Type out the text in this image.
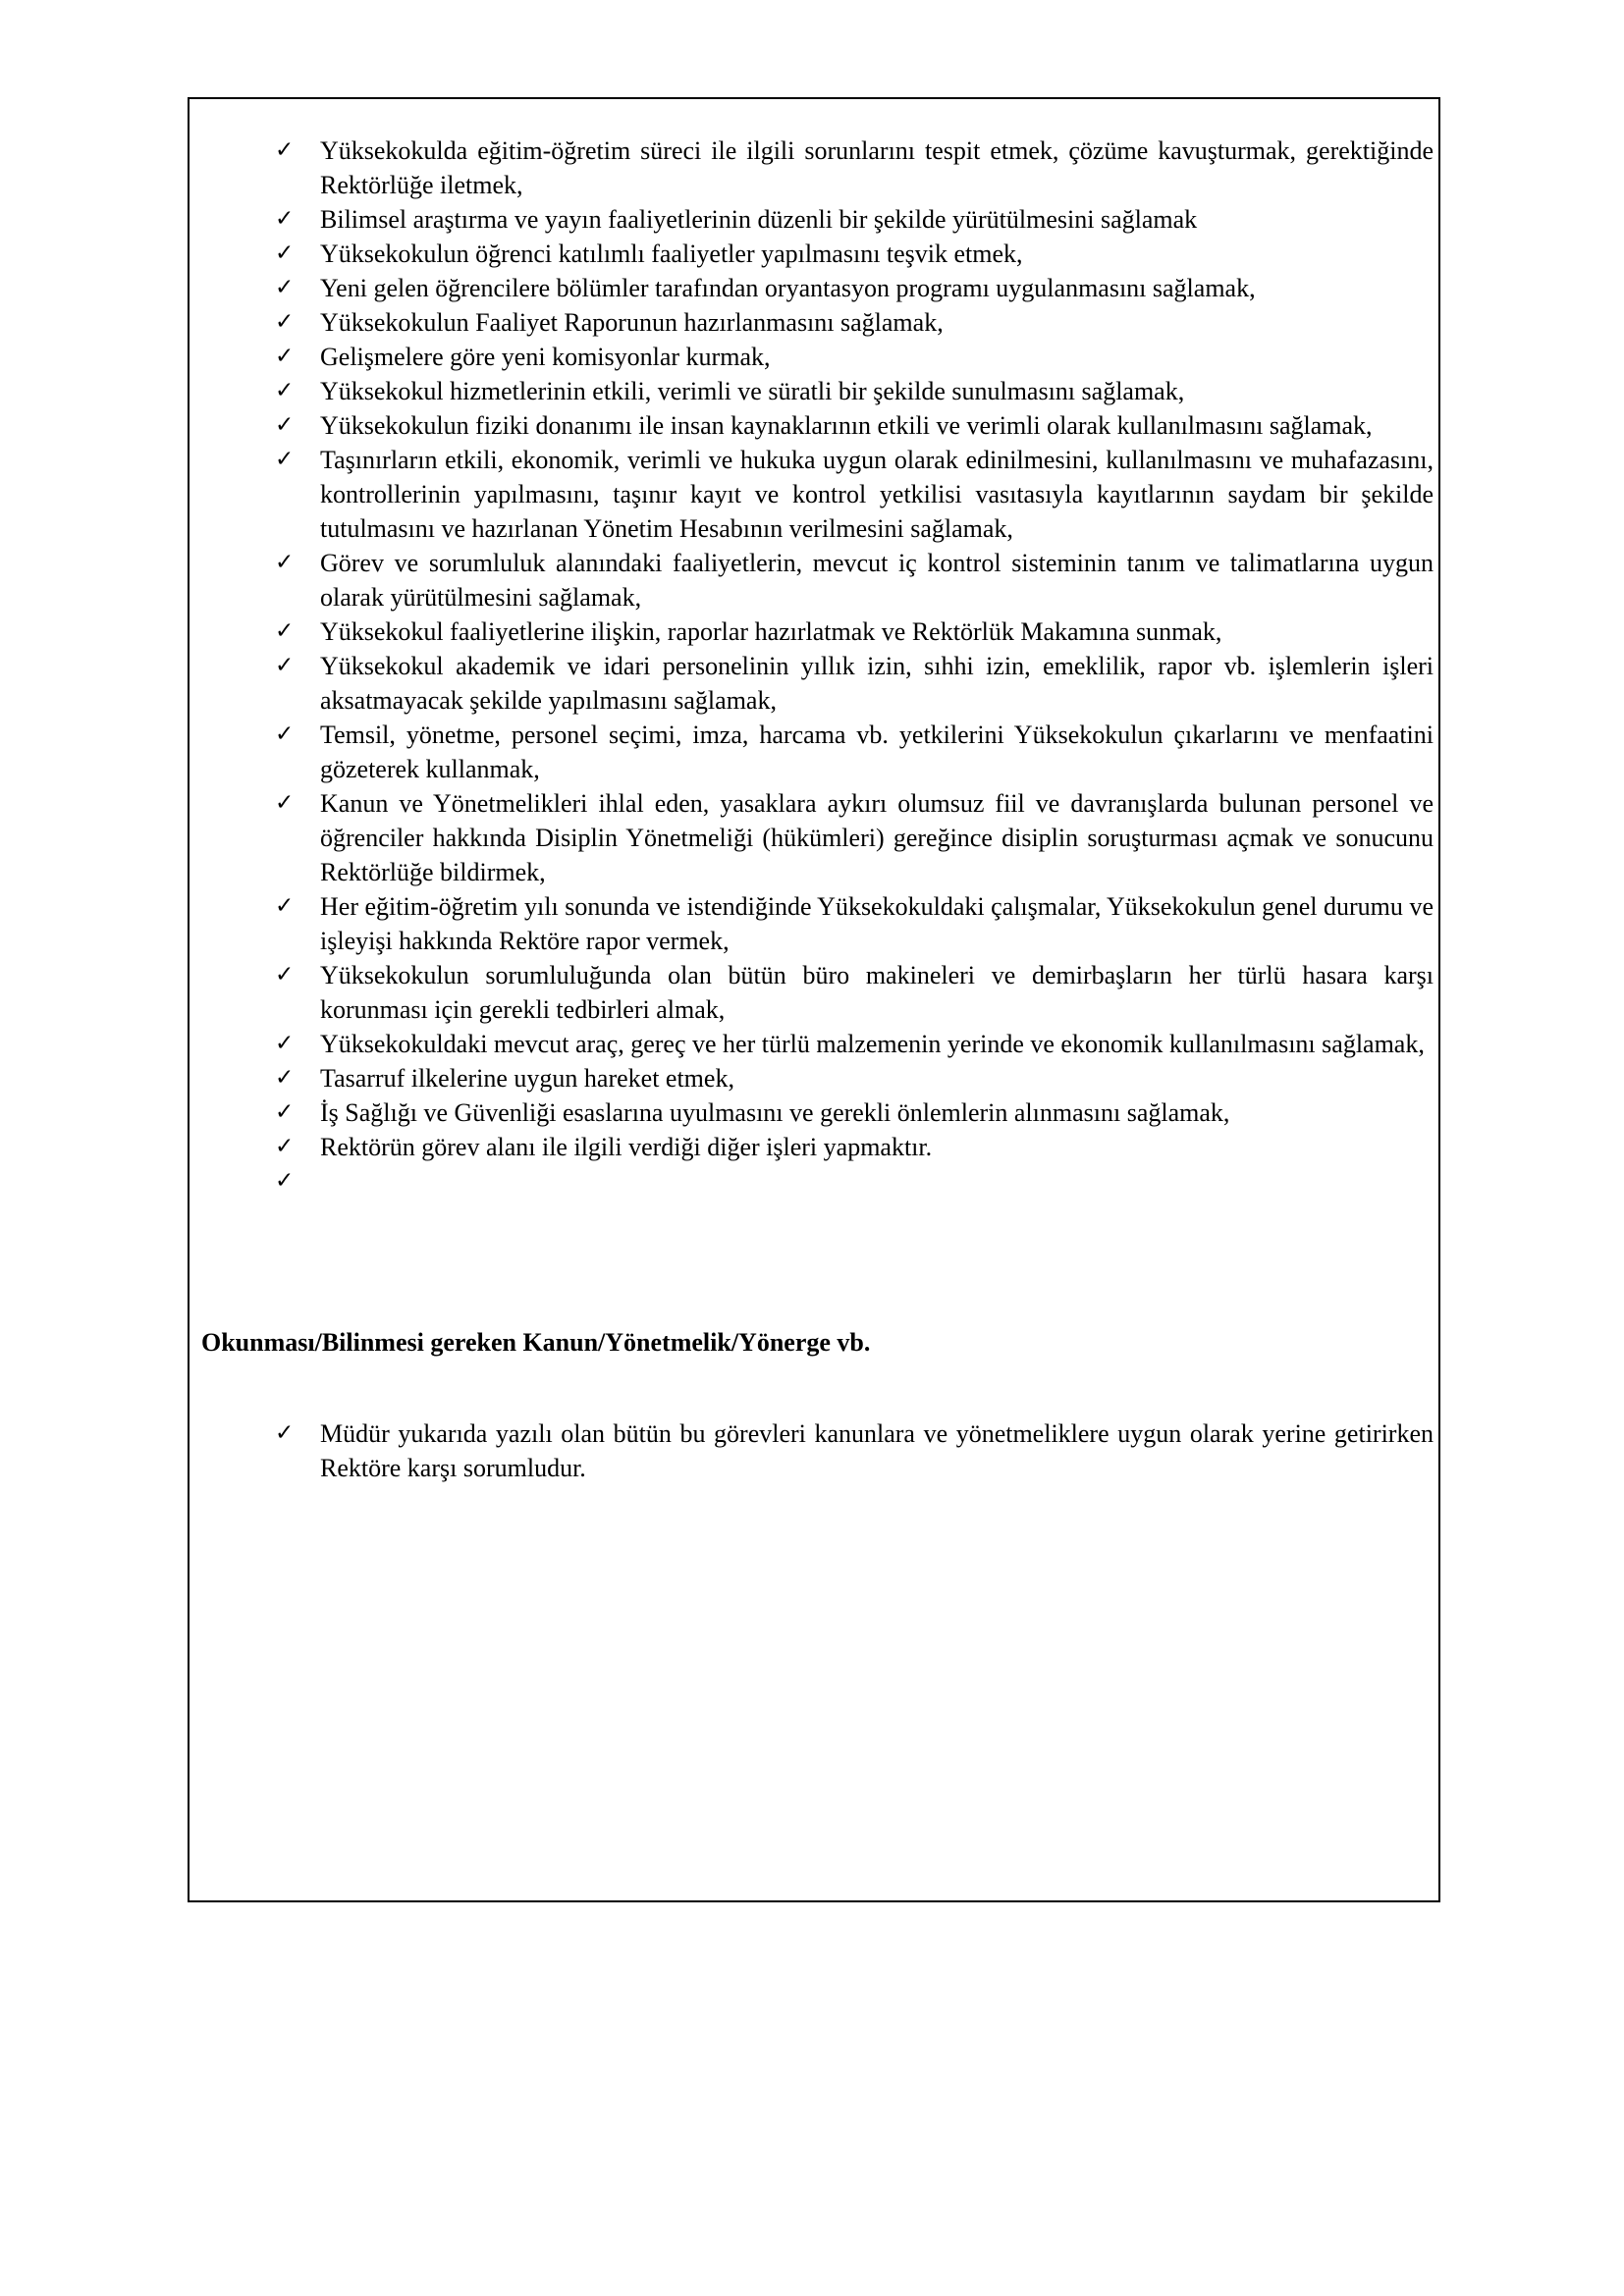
✓	Yüksekokulda eğitim-öğretim süreci ile ilgili sorunlarını tespit etmek, çözüme kavuşturmak, gerektiğinde Rektörlüğe iletmek,
✓	Bilimsel araştırma ve yayın faaliyetlerinin düzenli bir şekilde yürütülmesini sağlamak
✓	Yüksekokulun öğrenci katılımlı faaliyetler yapılmasını teşvik etmek,
✓	Yeni gelen öğrencilere bölümler tarafından oryantasyon programı uygulanmasını sağlamak,
✓	Yüksekokulun Faaliyet Raporunun hazırlanmasını sağlamak,
✓	Gelişmelere göre yeni komisyonlar kurmak,
✓	Yüksekokul hizmetlerinin etkili, verimli ve süratli bir şekilde sunulmasını sağlamak,
✓	Yüksekokulun fiziki donanımı ile insan kaynaklarının etkili ve verimli olarak kullanılmasını sağlamak,
✓	Taşınırların etkili, ekonomik, verimli ve hukuka uygun olarak edinilmesini, kullanılmasını ve muhafazasını, kontrollerinin yapılmasını, taşınır kayıt ve kontrol yetkilisi vasıtasıyla kayıtlarının saydam bir şekilde tutulmasını ve hazırlanan Yönetim Hesabının verilmesini sağlamak,
✓	Görev ve sorumluluk alanındaki faaliyetlerin, mevcut iç kontrol sisteminin tanım ve talimatlarına uygun olarak yürütülmesini sağlamak,
✓	Yüksekokul faaliyetlerine ilişkin, raporlar hazırlatmak ve Rektörlük Makamına sunmak,
✓	Yüksekokul akademik ve idari personelinin yıllık izin, sıhhi izin, emeklilik, rapor vb. işlemlerin işleri aksatmayacak şekilde yapılmasını sağlamak,
✓	Temsil, yönetme, personel seçimi, imza, harcama vb. yetkilerini Yüksekokulun çıkarlarını ve menfaatini gözeterek kullanmak,
✓	Kanun ve Yönetmelikleri ihlal eden, yasaklara aykırı olumsuz fiil ve davranışlarda bulunan personel ve öğrenciler hakkında Disiplin Yönetmeliği (hükümleri) gereğince disiplin soruşturması açmak ve sonucunu Rektörlüğe bildirmek,
✓	Her eğitim-öğretim yılı sonunda ve istendiğinde Yüksekokuldaki çalışmalar, Yüksekokulun genel durumu ve işleyişi hakkında Rektöre rapor vermek,
✓	Yüksekokulun sorumluluğunda olan bütün büro makineleri ve demirbaşların her türlü hasara karşı korunması için gerekli tedbirleri almak,
✓	Yüksekokuldaki mevcut araç, gereç ve her türlü malzemenin yerinde ve ekonomik kullanılmasını sağlamak,
✓	Tasarruf ilkelerine uygun hareket etmek,
✓	İş Sağlığı ve Güvenliği esaslarına uyulmasını ve gerekli önlemlerin alınmasını sağlamak,
✓	Rektörün görev alanı ile ilgili verdiği diğer işleri yapmaktır.
✓

Okunması/Bilinmesi gereken Kanun/Yönetmelik/Yönerge vb.
✓	Müdür yukarıda yazılı olan bütün bu görevleri kanunlara ve yönetmeliklere uygun olarak yerine getirirken Rektöre karşı sorumludur.
